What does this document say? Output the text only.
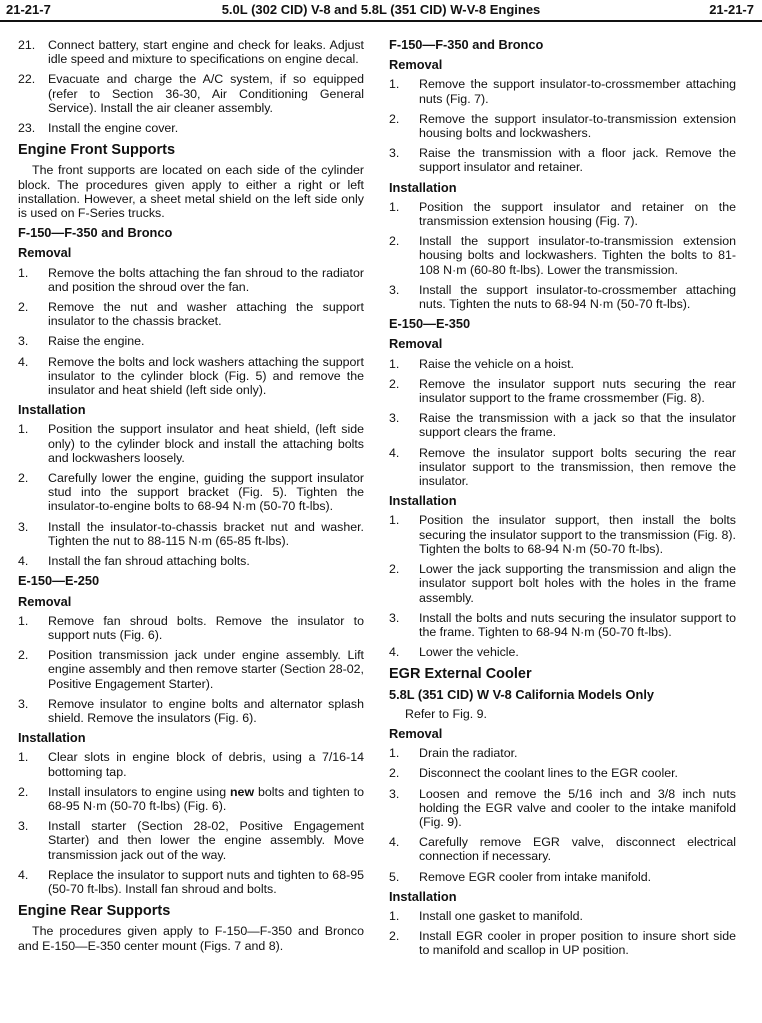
21-21-7	5.0L (302 CID) V-8 and 5.8L (351 CID) W-V-8 Engines	21-21-7
21.	Connect battery, start engine and check for leaks. Adjust idle speed and mixture to specifications on engine decal.
22.	Evacuate and charge the A/C system, if so equipped (refer to Section 36-30, Air Conditioning General Service). Install the air cleaner assembly.
23.	Install the engine cover.
Engine Front Supports
The front supports are located on each side of the cylinder block. The procedures given apply to either a right or left installation. However, a sheet metal shield on the left side only is used on F-Series trucks.
F-150—F-350 and Bronco
Removal
1.	Remove the bolts attaching the fan shroud to the radiator and position the shroud over the fan.
2.	Remove the nut and washer attaching the support insulator to the chassis bracket.
3.	Raise the engine.
4.	Remove the bolts and lock washers attaching the support insulator to the cylinder block (Fig. 5) and remove the insulator and heat shield (left side only).
Installation
1.	Position the support insulator and heat shield, (left side only) to the cylinder block and install the attaching bolts and lockwashers loosely.
2.	Carefully lower the engine, guiding the support insulator stud into the support bracket (Fig. 5). Tighten the insulator-to-engine bolts to 68-94 N·m (50-70 ft-lbs).
3.	Install the insulator-to-chassis bracket nut and washer. Tighten the nut to 88-115 N·m (65-85 ft-lbs).
4.	Install the fan shroud attaching bolts.
E-150—E-250
Removal
1.	Remove fan shroud bolts. Remove the insulator to support nuts (Fig. 6).
2.	Position transmission jack under engine assembly. Lift engine assembly and then remove starter (Section 28-02, Positive Engagement Starter).
3.	Remove insulator to engine bolts and alternator splash shield. Remove the insulators (Fig. 6).
Installation
1.	Clear slots in engine block of debris, using a 7/16-14 bottoming tap.
2.	Install insulators to engine using new bolts and tighten to 68-95 N·m (50-70 ft-lbs) (Fig. 6).
3.	Install starter (Section 28-02, Positive Engagement Starter) and then lower the engine assembly. Move transmission jack out of the way.
4.	Replace the insulator to support nuts and tighten to 68-95 (50-70 ft-lbs). Install fan shroud and bolts.
Engine Rear Supports
The procedures given apply to F-150—F-350 and Bronco and E-150—E-350 center mount (Figs. 7 and 8).
F-150—F-350 and Bronco
Removal
1.	Remove the support insulator-to-crossmember attaching nuts (Fig. 7).
2.	Remove the support insulator-to-transmission extension housing bolts and lockwashers.
3.	Raise the transmission with a floor jack. Remove the support insulator and retainer.
Installation
1.	Position the support insulator and retainer on the transmission extension housing (Fig. 7).
2.	Install the support insulator-to-transmission extension housing bolts and lockwashers. Tighten the bolts to 81-108 N·m (60-80 ft-lbs). Lower the transmission.
3.	Install the support insulator-to-crossmember attaching nuts. Tighten the nuts to 68-94 N·m (50-70 ft-lbs).
E-150—E-350
Removal
1.	Raise the vehicle on a hoist.
2.	Remove the insulator support nuts securing the rear insulator support to the frame crossmember (Fig. 8).
3.	Raise the transmission with a jack so that the insulator support clears the frame.
4.	Remove the insulator support bolts securing the rear insulator support to the transmission, then remove the insulator.
Installation
1.	Position the insulator support, then install the bolts securing the insulator support to the transmission (Fig. 8). Tighten the bolts to 68-94 N·m (50-70 ft-lbs).
2.	Lower the jack supporting the transmission and align the insulator support bolt holes with the holes in the frame assembly.
3.	Install the bolts and nuts securing the insulator support to the frame. Tighten to 68-94 N·m (50-70 ft-lbs).
4.	Lower the vehicle.
EGR External Cooler
5.8L (351 CID) W V-8 California Models Only
Refer to Fig. 9.
Removal
1.	Drain the radiator.
2.	Disconnect the coolant lines to the EGR cooler.
3.	Loosen and remove the 5/16 inch and 3/8 inch nuts holding the EGR valve and cooler to the intake manifold (Fig. 9).
4.	Carefully remove EGR valve, disconnect electrical connection if necessary.
5.	Remove EGR cooler from intake manifold.
Installation
1.	Install one gasket to manifold.
2.	Install EGR cooler in proper position to insure short side to manifold and scallop in UP position.
